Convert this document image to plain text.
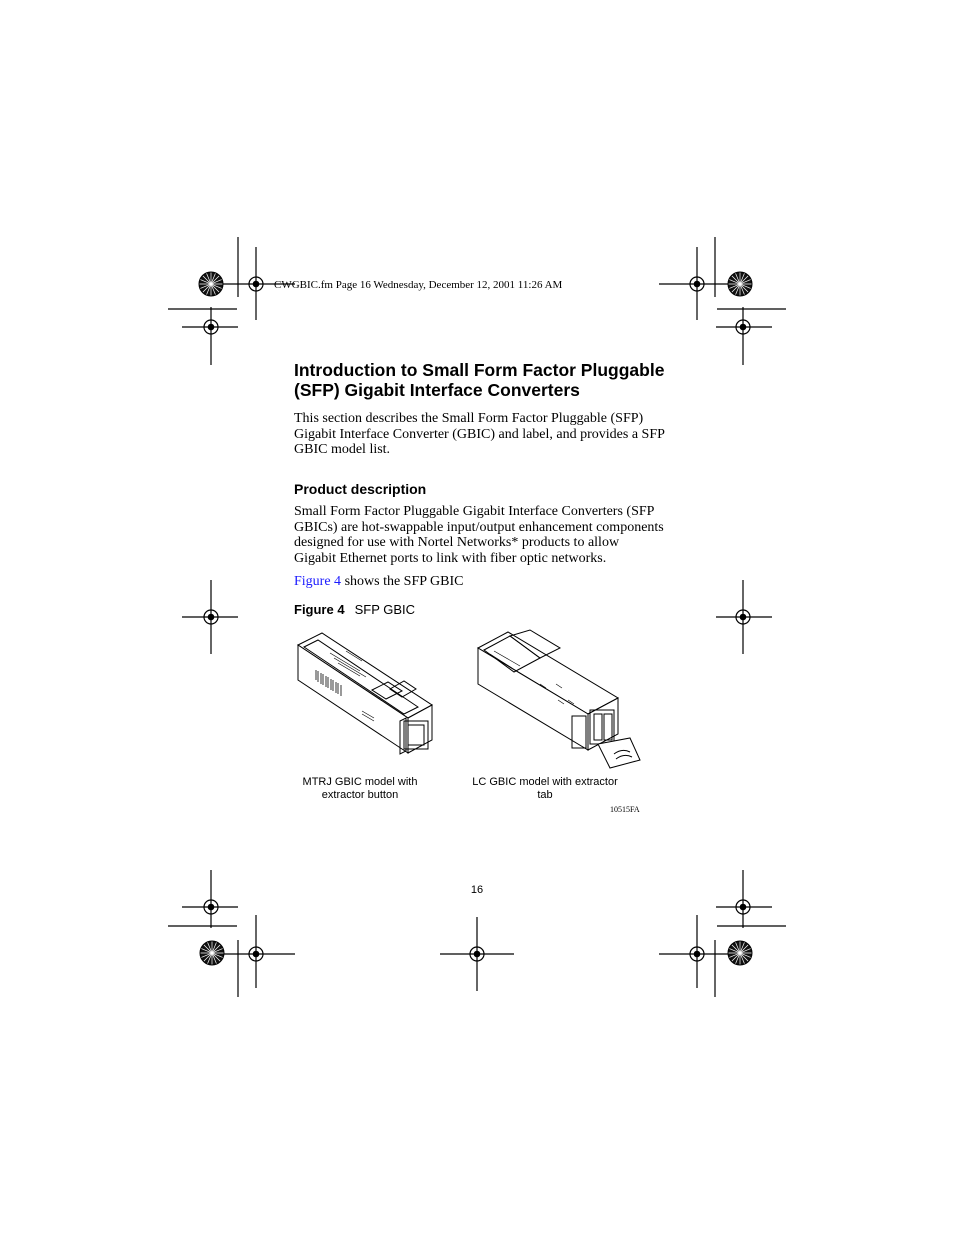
CWGBIC.fm Page 16 Wednesday, December 12, 2001 11:26 AM
Introduction to Small Form Factor Pluggable (SFP) Gigabit Interface Converters
This section describes the Small Form Factor Pluggable (SFP) Gigabit Interface Converter (GBIC) and label, and provides a SFP GBIC model list.
Product description
Small Form Factor Pluggable Gigabit Interface Converters (SFP GBICs) are hot-swappable input/output enhancement components designed for use with Nortel Networks* products to allow Gigabit Ethernet ports to link with fiber optic networks.
Figure 4 shows the SFP GBIC
Figure 4 SFP GBIC
MTRJ GBIC model with extractor button
LC GBIC model with extractor tab
10515FA
16
